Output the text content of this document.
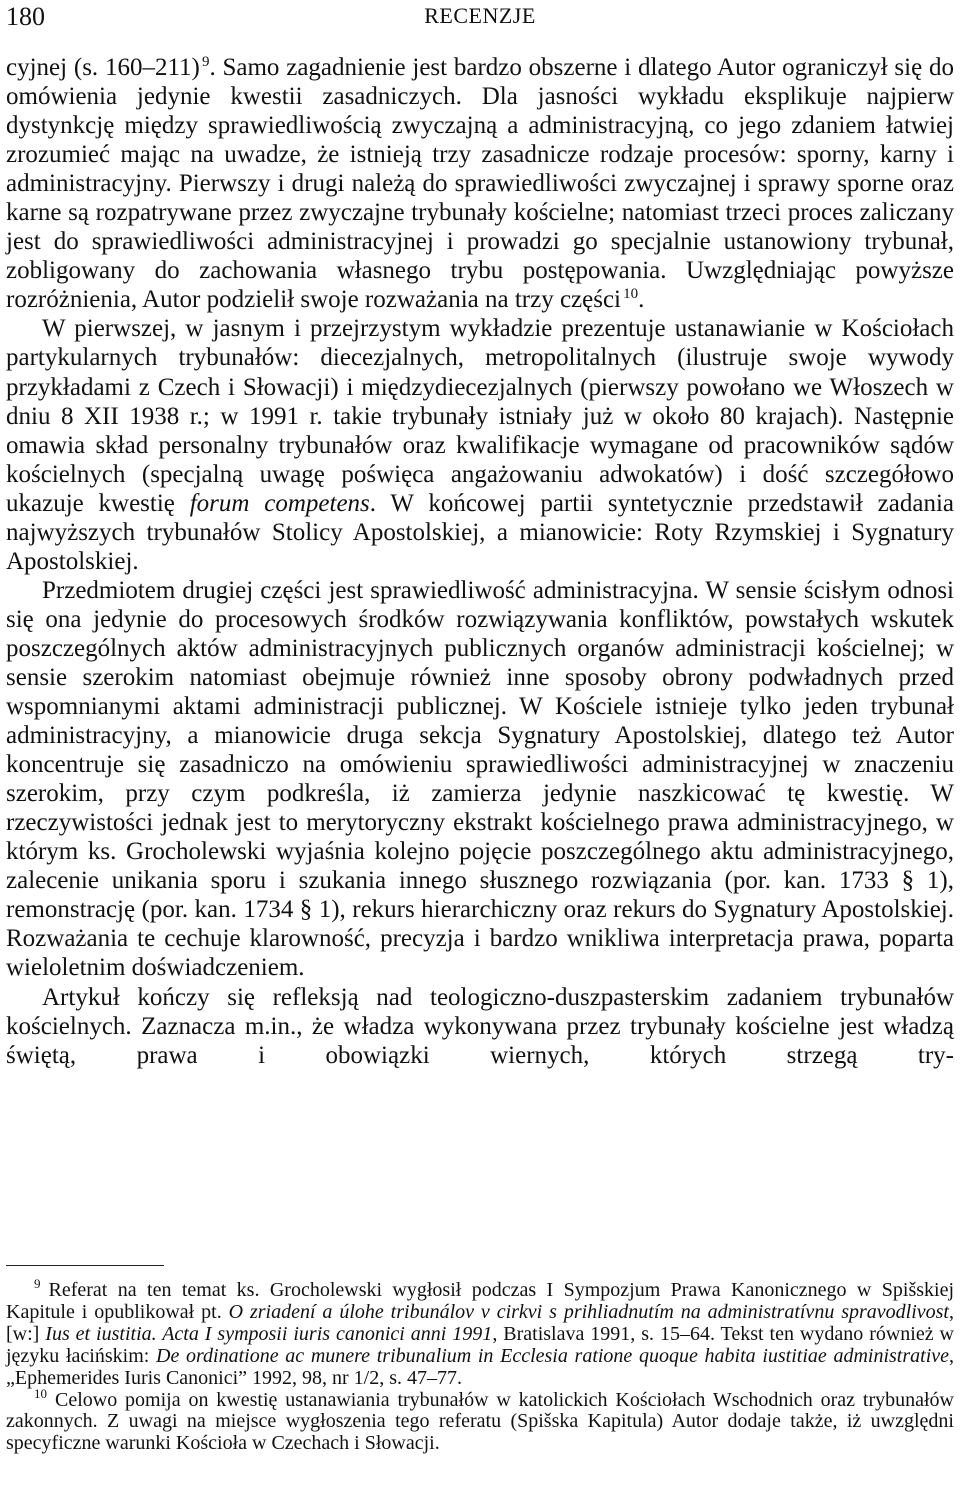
180	RECENZJE

cyjnej (s. 160–211)  $^9$. Samo zagadnienie jest bardzo obszerne i dlatego Autor ograniczył się do omówienia jedynie kwestii zasadniczych. Dla jasności wykładu eksplikuje najpierw dystynkcję między sprawiedliwością zwyczajną a administracyjną, co jego zdaniem łatwiej zrozumieć mając na uwadze, że istnieją trzy zasadnicze rodzaje procesów: sporny, karny i administracyjny. Pierwszy i drugi należą do sprawiedliwości zwyczajnej i sprawy sporne oraz karne są rozpatrywane przez zwyczajne trybunały kościelne; natomiast trzeci proces zaliczany jest do sprawiedliwości administracyjnej i prowadzi go specjalnie ustanowiony trybunał, zobligowany do zachowania własnego trybu postępowania. Uwzględniając powyższe rozróżnienia, Autor podzielił swoje rozważania na trzy części  $^{10}$.

W pierwszej, w jasnym i przejrzystym wykładzie prezentuje ustanawianie w Kościołach partykularnych trybunałów: diecezjalnych, metropolitalnych (ilustruje swoje wywody przykładami z Czech i Słowacji) i międzydiecezjalnych (pierwszy powołano we Włoszech w dniu 8 XII 1938 r.; w 1991 r. takie trybunały istniały już w około 80 krajach). Następnie omawia skład personalny trybunałów oraz kwalifikacje wymagane od pracowników sądów kościelnych (specjalną uwagę poświęca angażowaniu adwokatów) i dość szczegółowo ukazuje kwestię forum competens. W końcowej partii syntetycznie przedstawił zadania najwyższych trybunałów Stolicy Apostolskiej, a mianowicie: Roty Rzymskiej i Sygnatury Apostolskiej.

Przedmiotem drugiej części jest sprawiedliwość administracyjna. W sensie ścisłym odnosi się ona jedynie do procesowych środków rozwiązywania konfliktów, powstałych wskutek poszczególnych aktów administracyjnych publicznych organów administracji kościelnej; w sensie szerokim natomiast obejmuje również inne sposoby obrony podwładnych przed wspomnianymi aktami administracji publicznej. W Kościele istnieje tylko jeden trybunał administracyjny, a mianowicie druga sekcja Sygnatury Apostolskiej, dlatego też Autor koncentruje się zasadniczo na omówieniu sprawiedliwości administracyjnej w znaczeniu szerokim, przy czym podkreśla, iż zamierza jedynie naszkicować tę kwestię. W rzeczywistości jednak jest to merytoryczny ekstrakt kościelnego prawa administracyjnego, w którym ks. Grocholewski wyjaśnia kolejno pojęcie poszczególnego aktu administracyjnego, zalecenie unikania sporu i szukania innego słusznego rozwiązania (por. kan. 1733 § 1), remonstrację (por. kan. 1734 § 1), rekurs hierarchiczny oraz rekurs do Sygnatury Apostolskiej. Rozważania te cechuje klarowność, precyzja i bardzo wnikliwa interpretacja prawa, poparta wieloletnim doświadczeniem.

Artykuł kończy się refleksją nad teologiczno-duszpasterskim zadaniem trybunałów kościelnych. Zaznacza m.in., że władza wykonywana przez trybunały kościelne jest władzą świętą, prawa i obowiązki wiernych, których strzegą try-

$^9$ Referat na ten temat ks. Grocholewski wygłosił podczas I Sympozjum Prawa Kanonicznego w Spišskiej Kapitule i opublikował pt. O zriadení a úlohe tribunálov v cirkvi s prihliadnutím na administratívnu spravodlivost, [w:] Ius et iustitia. Acta I symposii iuris canonici anni 1991, Bratislava 1991, s. 15–64. Tekst ten wydano również w języku łacińskim: De ordinatione ac munere tribunalium in Ecclesia ratione quoque habita iustitiae administrative, „Ephemerides Iuris Canonici” 1992, 98, nr 1/2, s. 47–77.

$^{10}$ Celowo pomija on kwestię ustanawiania trybunałów w katolickich Kościołach Wschodnich oraz trybunałów zakonnych. Z uwagi na miejsce wygłoszenia tego referatu (Spišska Kapitula) Autor dodaje także, iż uwzględni specyficzne warunki Kościoła w Czechach i Słowacji.
